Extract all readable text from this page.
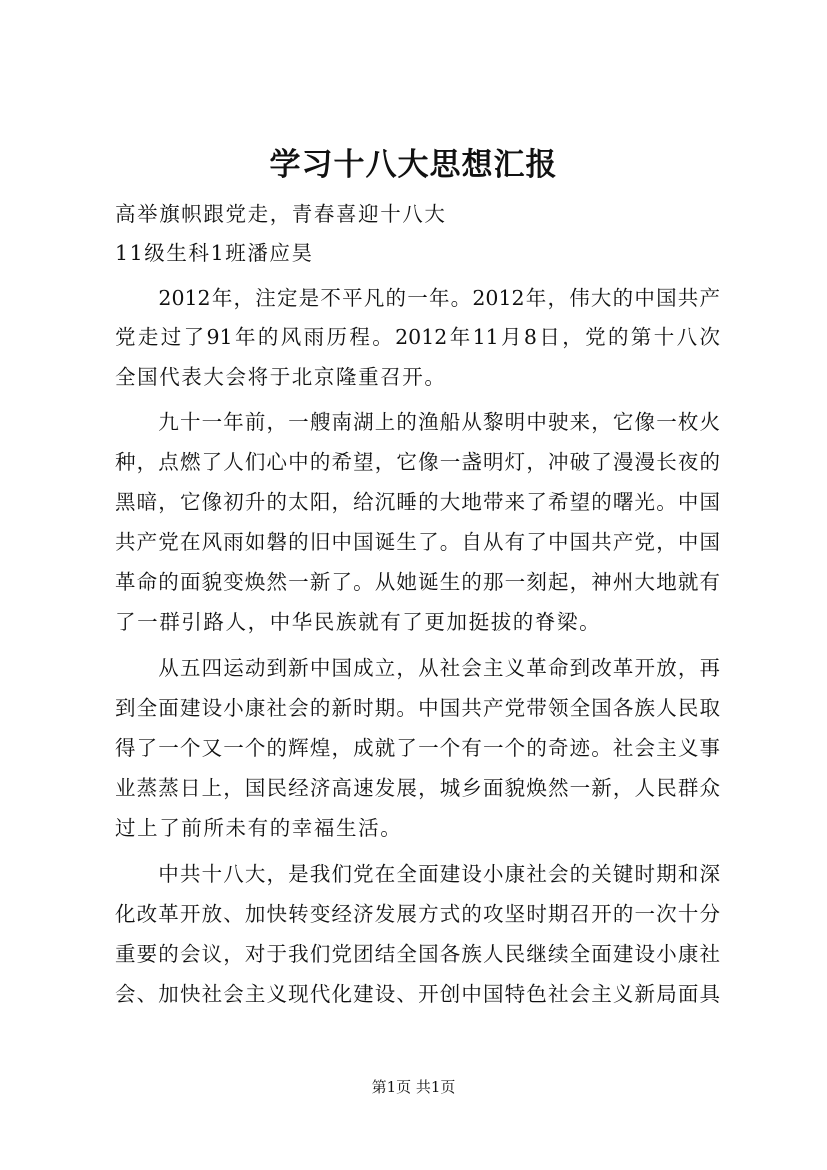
学习十八大思想汇报
高举旗帜跟党走，青春喜迎十八大
11级生科1班潘应昊
　　2012年，注定是不平凡的一年。2012年，伟大的中国共产
党走过了91年的风雨历程。2012年11月8日，党的第十八次
全国代表大会将于北京隆重召开。
　　九十一年前，一艘南湖上的渔船从黎明中驶来，它像一枚火
种，点燃了人们心中的希望，它像一盏明灯，冲破了漫漫长夜的
黑暗，它像初升的太阳，给沉睡的大地带来了希望的曙光。中国
共产党在风雨如磐的旧中国诞生了。自从有了中国共产党，中国
革命的面貌变焕然一新了。从她诞生的那一刻起，神州大地就有
了一群引路人，中华民族就有了更加挺拔的脊梁。
　　从五四运动到新中国成立，从社会主义革命到改革开放，再
到全面建设小康社会的新时期。中国共产党带领全国各族人民取
得了一个又一个的辉煌，成就了一个有一个的奇迹。社会主义事
业蒸蒸日上，国民经济高速发展，城乡面貌焕然一新，人民群众
过上了前所未有的幸福生活。
　　中共十八大，是我们党在全面建设小康社会的关键时期和深
化改革开放、加快转变经济发展方式的攻坚时期召开的一次十分
重要的会议，对于我们党团结全国各族人民继续全面建设小康社
会、加快社会主义现代化建设、开创中国特色社会主义新局面具
第1页 共1页
